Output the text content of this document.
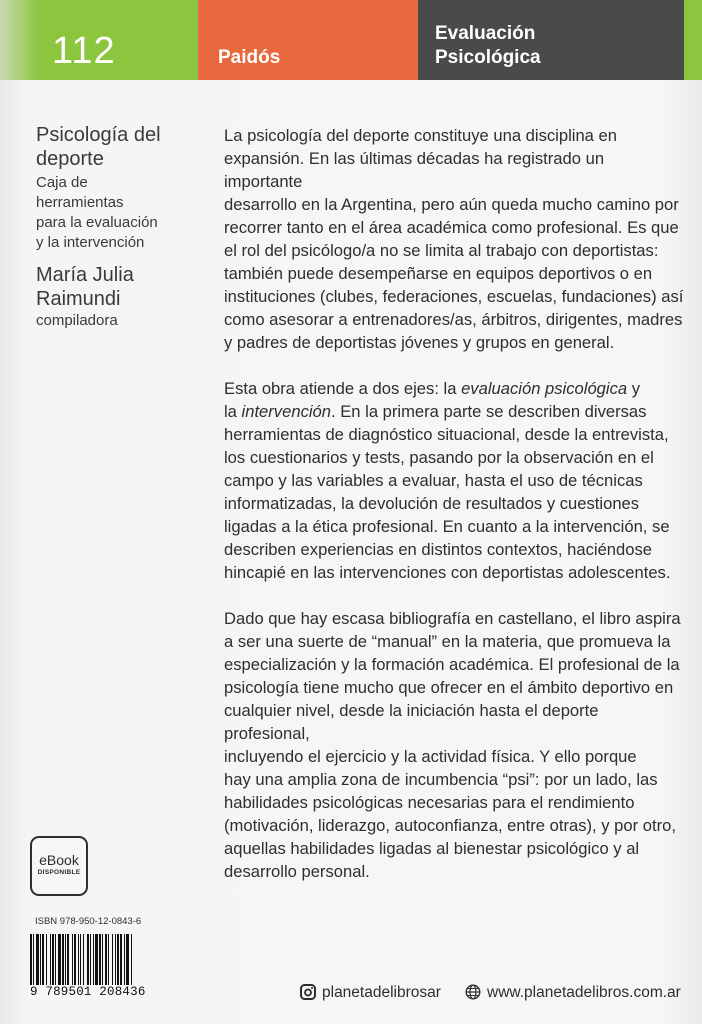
112	Paidós
Evaluación
Psicológica
Psicología del
deporte
Caja de
herramientas
para la evaluación
y la intervención
María Julia
Raimundi
compiladora

La psicología del deporte constituye una disciplina en
expansión. En las últimas décadas ha registrado un importante
desarrollo en la Argentina, pero aún queda mucho camino por
recorrer tanto en el área académica como profesional. Es que
el rol del psicólogo/a no se limita al trabajo con deportistas:
también puede desempeñarse en equipos deportivos o en
instituciones (clubes, federaciones, escuelas, fundaciones) así
como asesorar a entrenadores/as, árbitros, dirigentes, madres
y padres de deportistas jóvenes y grupos en general.

Esta obra atiende a dos ejes: la evaluación psicológica y
la intervención. En la primera parte se describen diversas
herramientas de diagnóstico situacional, desde la entrevista,
los cuestionarios y tests, pasando por la observación en el
campo y las variables a evaluar, hasta el uso de técnicas
informatizadas, la devolución de resultados y cuestiones
ligadas a la ética profesional. En cuanto a la intervención, se
describen experiencias en distintos contextos, haciéndose
hincapié en las intervenciones con deportistas adolescentes.

Dado que hay escasa bibliografía en castellano, el libro aspira
a ser una suerte de “manual” en la materia, que promueva la
especialización y la formación académica. El profesional de la
psicología tiene mucho que ofrecer en el ámbito deportivo en
cualquier nivel, desde la iniciación hasta el deporte profesional,
incluyendo el ejercicio y la actividad física. Y ello porque
hay una amplia zona de incumbencia “psi”: por un lado, las
habilidades psicológicas necesarias para el rendimiento
(motivación, liderazgo, autoconfianza, entre otras), y por otro,
aquellas habilidades ligadas al bienestar psicológico y al
desarrollo personal.

eBook
DISPONIBLE
ISBN 978-950-12-0843-6
9 789501 208436	planetadelibrosar	www.planetadelibros.com.ar
